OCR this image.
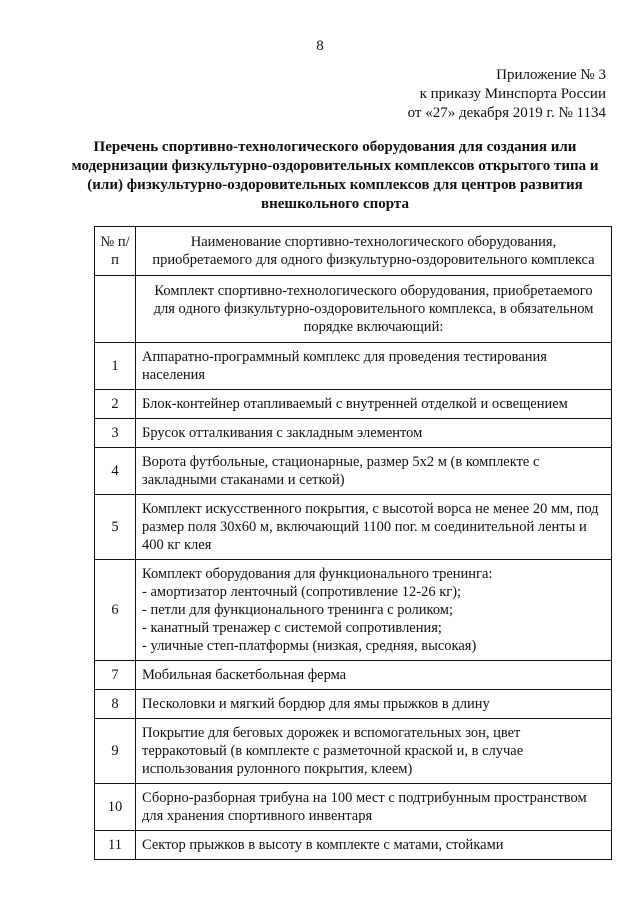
8
Приложение № 3
к приказу Минспорта России
от «27» декабря 2019 г. № 1134
Перечень спортивно-технологического оборудования для создания или модернизации физкультурно-оздоровительных комплексов открытого типа и (или) физкультурно-оздоровительных комплексов для центров развития внешкольного спорта
№ п/п	Наименование спортивно-технологического оборудования, приобретаемого для одного физкультурно-оздоровительного комплекса
	Комплект спортивно-технологического оборудования, приобретаемого для одного физкультурно-оздоровительного комплекса, в обязательном порядке включающий:
1	Аппаратно-программный комплекс для проведения тестирования населения
2	Блок-контейнер отапливаемый с внутренней отделкой и освещением
3	Брусок отталкивания с закладным элементом
4	Ворота футбольные, стационарные, размер 5х2 м (в комплекте с закладными стаканами и сеткой)
5	Комплект искусственного покрытия, с высотой ворса не менее 20 мм, под размер поля 30х60 м, включающий 1100 пог. м соединительной ленты и 400 кг клея
6	Комплект оборудования для функционального тренинга:
- амортизатор ленточный (сопротивление 12-26 кг);
- петли для функционального тренинга с роликом;
- канатный тренажер с системой сопротивления;
- уличные степ-платформы (низкая, средняя, высокая)

7	Мобильная баскетбольная ферма
8	Песколовки и мягкий бордюр для ямы прыжков в длину
9	Покрытие для беговых дорожек и вспомогательных зон, цвет терракотовый (в комплекте с разметочной краской и, в случае использования рулонного покрытия, клеем)
10	Сборно-разборная трибуна на 100 мест с подтрибунным пространством для хранения спортивного инвентаря
11	Сектор прыжков в высоту в комплекте с матами, стойками
